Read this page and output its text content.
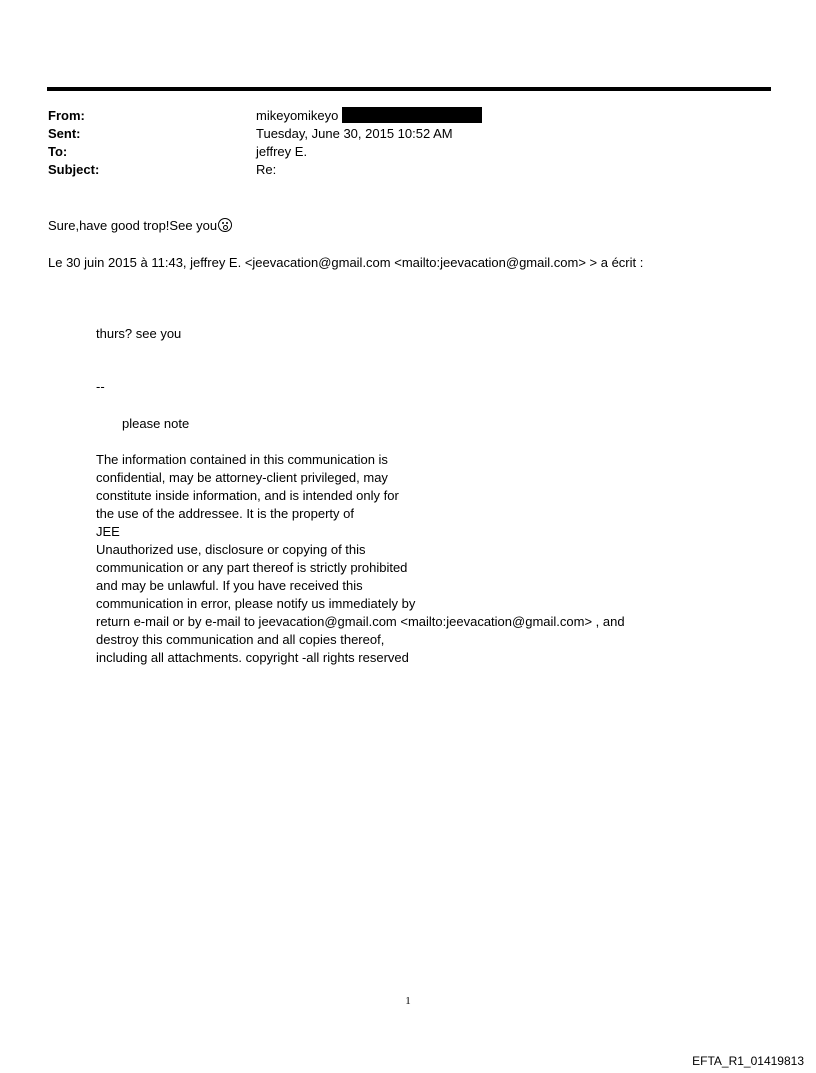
From:	mikeyomikeyo
Sent:	Tuesday, June 30, 2015 10:52 AM
To:	jeffrey E.
Subject:	Re:
Sure,have good trop!See you
Le 30 juin 2015 à 11:43, jeffrey E. <jeevacation@gmail.com <mailto:jeevacation@gmail.com> > a écrit :
thurs? see you
--
please note
The information contained in this communication is
confidential, may be attorney-client privileged, may
constitute inside information, and is intended only for
the use of the addressee. It is the property of
JEE
Unauthorized use, disclosure or copying of this
communication or any part thereof is strictly prohibited
and may be unlawful. If you have received this
communication in error, please notify us immediately by
return e-mail or by e-mail to jeevacation@gmail.com <mailto:jeevacation@gmail.com> , and
destroy this communication and all copies thereof,
including all attachments. copyright -all rights reserved
1
EFTA_R1_01419813
